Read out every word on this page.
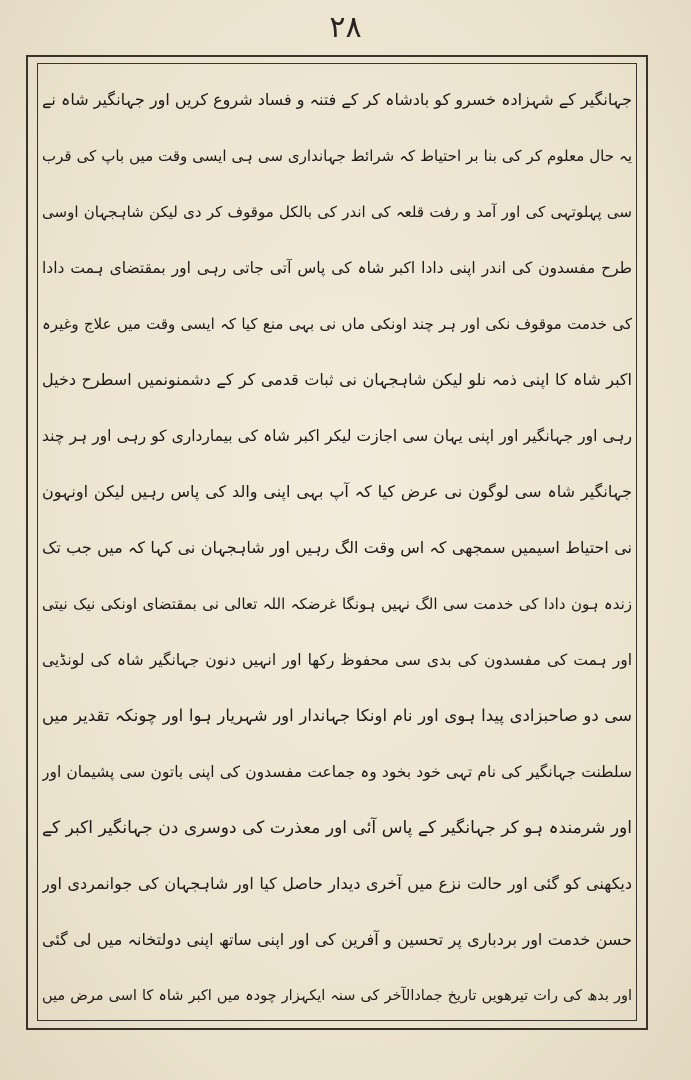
۲۸
جہانگیر کے شہزادہ خسرو کو بادشاہ کر کے فتنہ و فساد شروع کریں اور جہانگیر شاہ نے
یہ حال معلوم کر کی بنا بر احتیاط کہ شرائط جہانداری سی ہی ایسی وقت میں باپ کی قرب
سی پہلوتہی کی اور آمد و رفت قلعہ کی اندر کی بالکل موقوف کر دی لیکن شاہجہان اوسی
طرح مفسدون کی اندر اپنی دادا اکبر شاہ کی پاس آتی جاتی رہی اور بمقتضای ہمت دادا
کی خدمت موقوف نکی اور ہر چند اونکی ماں نی بہی منع کیا کہ ایسی وقت میں علاج وغیرہ
اکبر شاہ کا اپنی ذمہ نلو لیکن شاہجہان نی ثبات قدمی کر کے دشمنونمیں اسطرح دخیل
رہی اور جہانگیر اور اپنی یہان سی اجازت لیکر اکبر شاہ کی بیمارداری کو رہی اور ہر چند
جہانگیر شاہ سی لوگون نی عرض کیا کہ آپ بہی اپنی والد کی پاس رہیں لیکن اونہون
نی احتیاط اسیمیں سمجھی کہ اس وقت الگ رہیں اور شاہجہان نی کہا کہ میں جب تک
زندہ ہون دادا کی خدمت سی الگ نہیں ہونگا غرضکہ اللہ تعالی نی بمقتضای اونکی نیک نیتی
اور ہمت کی مفسدون کی بدی سی محفوظ رکھا اور انہیں دنون جہانگیر شاہ کی لونڈیی
سی دو صاحبزادی پیدا ہوی اور نام اونکا جہاندار اور شہریار ہوا اور چونکہ تقدیر میں
سلطنت جہانگیر کی نام تہی خود بخود وہ جماعت مفسدون کی اپنی باتون سی پشیمان اور
اور شرمندہ ہو کر جہانگیر کے پاس آئی اور معذرت کی دوسری دن جہانگیر اکبر کے
دیکھنی کو گئی اور حالت نزع میں آخری دیدار حاصل کیا اور شاہجہان کی جوانمردی اور
حسن خدمت اور بردباری پر تحسین و آفرین کی اور اپنی ساتھ اپنی دولتخانہ میں لی گئی
اور بدھ کی رات تیرھویں تاریخ جمادالآخر کی سنہ ایکہزار چودہ میں اکبر شاہ کا اسی مرض میں
